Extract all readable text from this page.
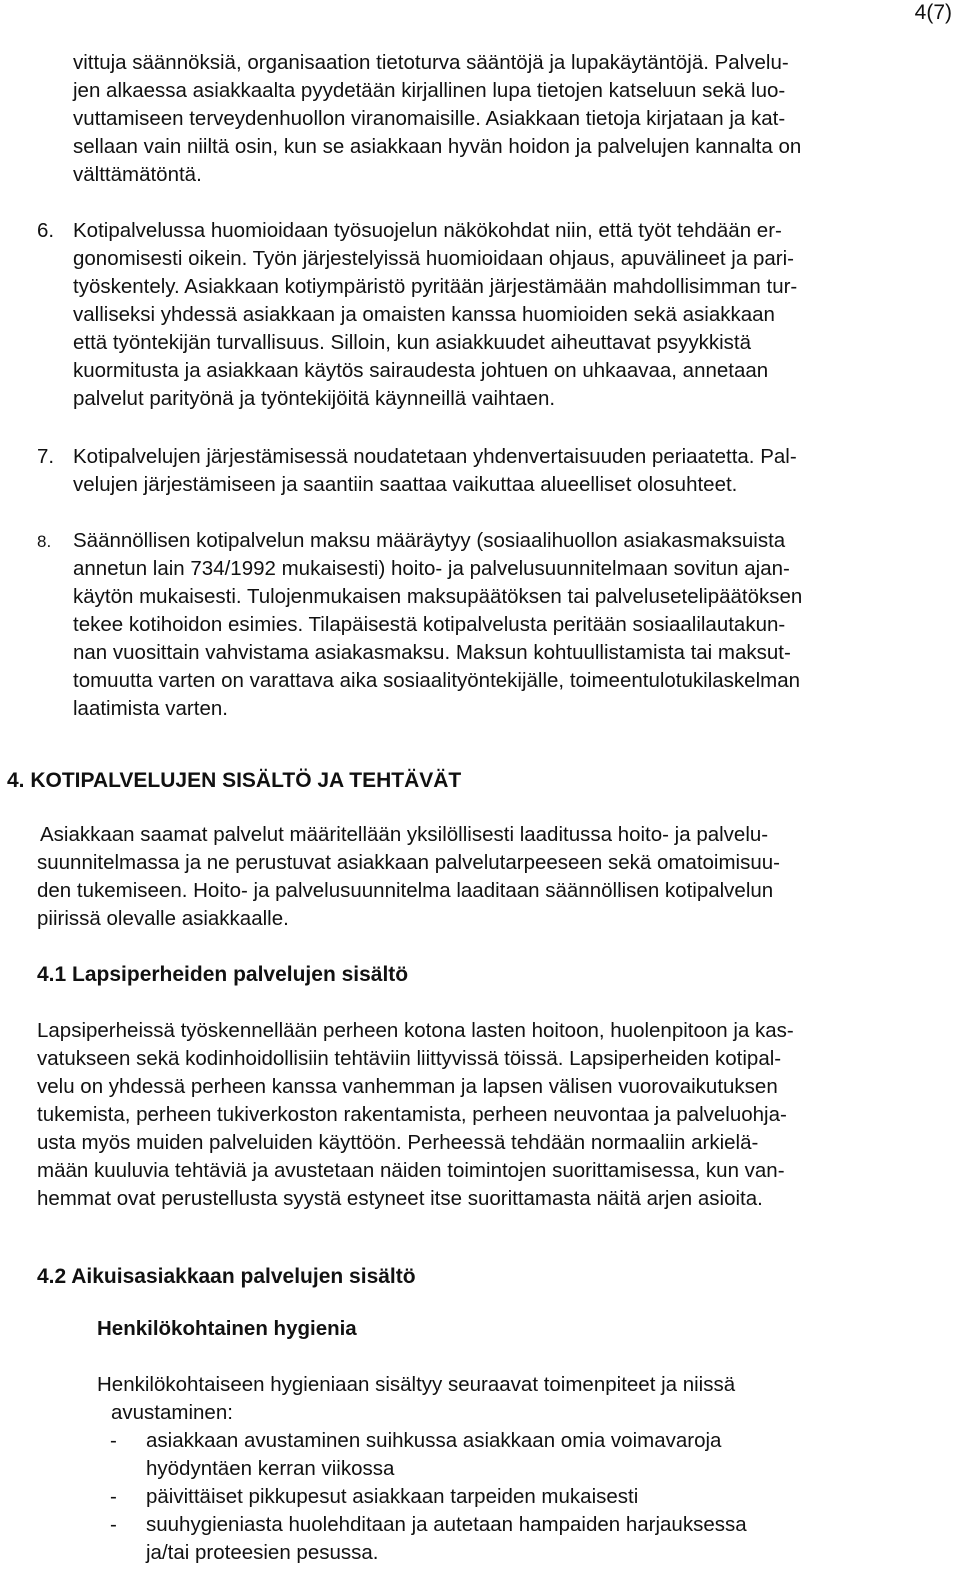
4(7)
vittuja säännöksiä, organisaation tietoturva sääntöjä ja lupakäytäntöjä. Palvelu-
jen alkaessa asiakkaalta pyydetään kirjallinen lupa tietojen katseluun sekä luo-
vuttamiseen terveydenhuollon viranomaisille. Asiakkaan tietoja kirjataan ja kat-
sellaan vain niiltä osin, kun se asiakkaan hyvän hoidon ja palvelujen kannalta on
välttämätöntä.
6. Kotipalvelussa huomioidaan työsuojelun näkökohdat niin, että työt tehdään er-
gonomisesti oikein. Työn järjestelyissä huomioidaan ohjaus, apuvälineet ja pari-
työskentely. Asiakkaan kotiympäristö pyritään järjestämään mahdollisimman tur-
valliseksi yhdessä asiakkaan ja omaisten kanssa huomioiden sekä asiakkaan
että työntekijän turvallisuus. Silloin, kun asiakkuudet aiheuttavat psyykkistä
kuormitusta ja asiakkaan käytös sairaudesta johtuen on uhkaavaa, annetaan
palvelut parityönä ja työntekijöitä käynneillä vaihtaen.
7. Kotipalvelujen järjestämisessä noudatetaan yhdenvertaisuuden periaatetta. Pal-
velujen järjestämiseen ja saantiin saattaa vaikuttaa alueelliset olosuhteet.
8. Säännöllisen kotipalvelun maksu määräytyy (sosiaalihuollon asiakasmaksuista
annetun lain 734/1992 mukaisesti) hoito- ja palvelusuunnitelmaan sovitun ajan-
käytön mukaisesti. Tulojenmukaisen maksupäätöksen tai palvelusetelipäätöksen
tekee kotihoidon esimies. Tilapäisestä kotipalvelusta peritään sosiaalilautakun-
nan vuosittain vahvistama asiakasmaksu. Maksun kohtuullistamista tai maksut-
tomuutta varten on varattava aika sosiaalityöntekijälle, toimeentulotukilaskelman
laatimista varten.
4. KOTIPALVELUJEN SISÄLTÖ JA TEHTÄVÄT
Asiakkaan saamat palvelut määritellään yksilöllisesti laaditussa hoito- ja palvelu-
suunnitelmassa ja ne perustuvat asiakkaan palvelutarpeeseen sekä omatoimisuu-
den tukemiseen. Hoito- ja palvelusuunnitelma laaditaan säännöllisen kotipalvelun
piirissä olevalle asiakkaalle.
4.1 Lapsiperheiden palvelujen sisältö
Lapsiperheissä työskennellään perheen kotona lasten hoitoon, huolenpitoon ja kas-
vatukseen sekä kodinhoidollisiin tehtäviin liittyvissä töissä. Lapsiperheiden kotipal-
velu on yhdessä perheen kanssa vanhemman ja lapsen välisen vuorovaikutuksen
tukemista, perheen tukiverkoston rakentamista, perheen neuvontaa ja palveluohja-
usta myös muiden palveluiden käyttöön. Perheessä tehdään normaaliin arkielä-
mään kuuluvia tehtäviä ja avustetaan näiden toimintojen suorittamisessa, kun van-
hemmat ovat perustellusta syystä estyneet itse suorittamasta näitä arjen asioita.
4.2 Aikuisasiakkaan palvelujen sisältö
Henkilökohtainen hygienia
Henkilökohtaiseen hygieniaan sisältyy seuraavat toimenpiteet ja niissä
avustaminen:
- asiakkaan avustaminen suihkussa asiakkaan omia voimavaroja
hyödyntäen kerran viikossa
- päivittäiset pikkupesut asiakkaan tarpeiden mukaisesti
- suuhygieniasta huolehditaan ja autetaan hampaiden harjauksessa
ja/tai proteesien pesussa.
